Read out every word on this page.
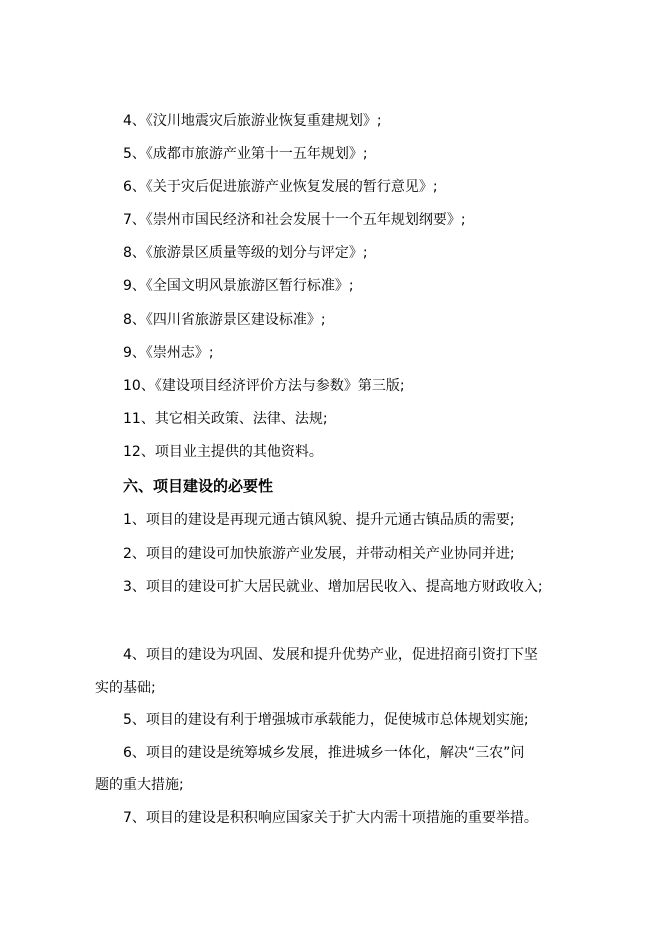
4、《汶川地震灾后旅游业恢复重建规划》;
5、《成都市旅游产业第十一五年规划》;
6、《关于灾后促进旅游产业恢复发展的暂行意见》;
7、《崇州市国民经济和社会发展十一个五年规划纲要》;
8、《旅游景区质量等级的划分与评定》;
9、《全国文明风景旅游区暂行标准》;
8、《四川省旅游景区建设标准》;
9、《崇州志》;
10、《建设项目经济评价方法与参数》第三版;
11、其它相关政策、法律、法规;
12、项目业主提供的其他资料。
六、项目建设的必要性
1、项目的建设是再现元通古镇风貌、提升元通古镇品质的需要;
2、项目的建设可加快旅游产业发展，并带动相关产业协同并进;
3、项目的建设可扩大居民就业、增加居民收入、提高地方财政收入;
4、项目的建设为巩固、发展和提升优势产业，促进招商引资打下坚
实的基础;
5、项目的建设有利于增强城市承载能力，促使城市总体规划实施;
6、项目的建设是统筹城乡发展，推进城乡一体化，解决“三农”问
题的重大措施;
7、项目的建设是积积响应国家关于扩大内需十项措施的重要举措。
